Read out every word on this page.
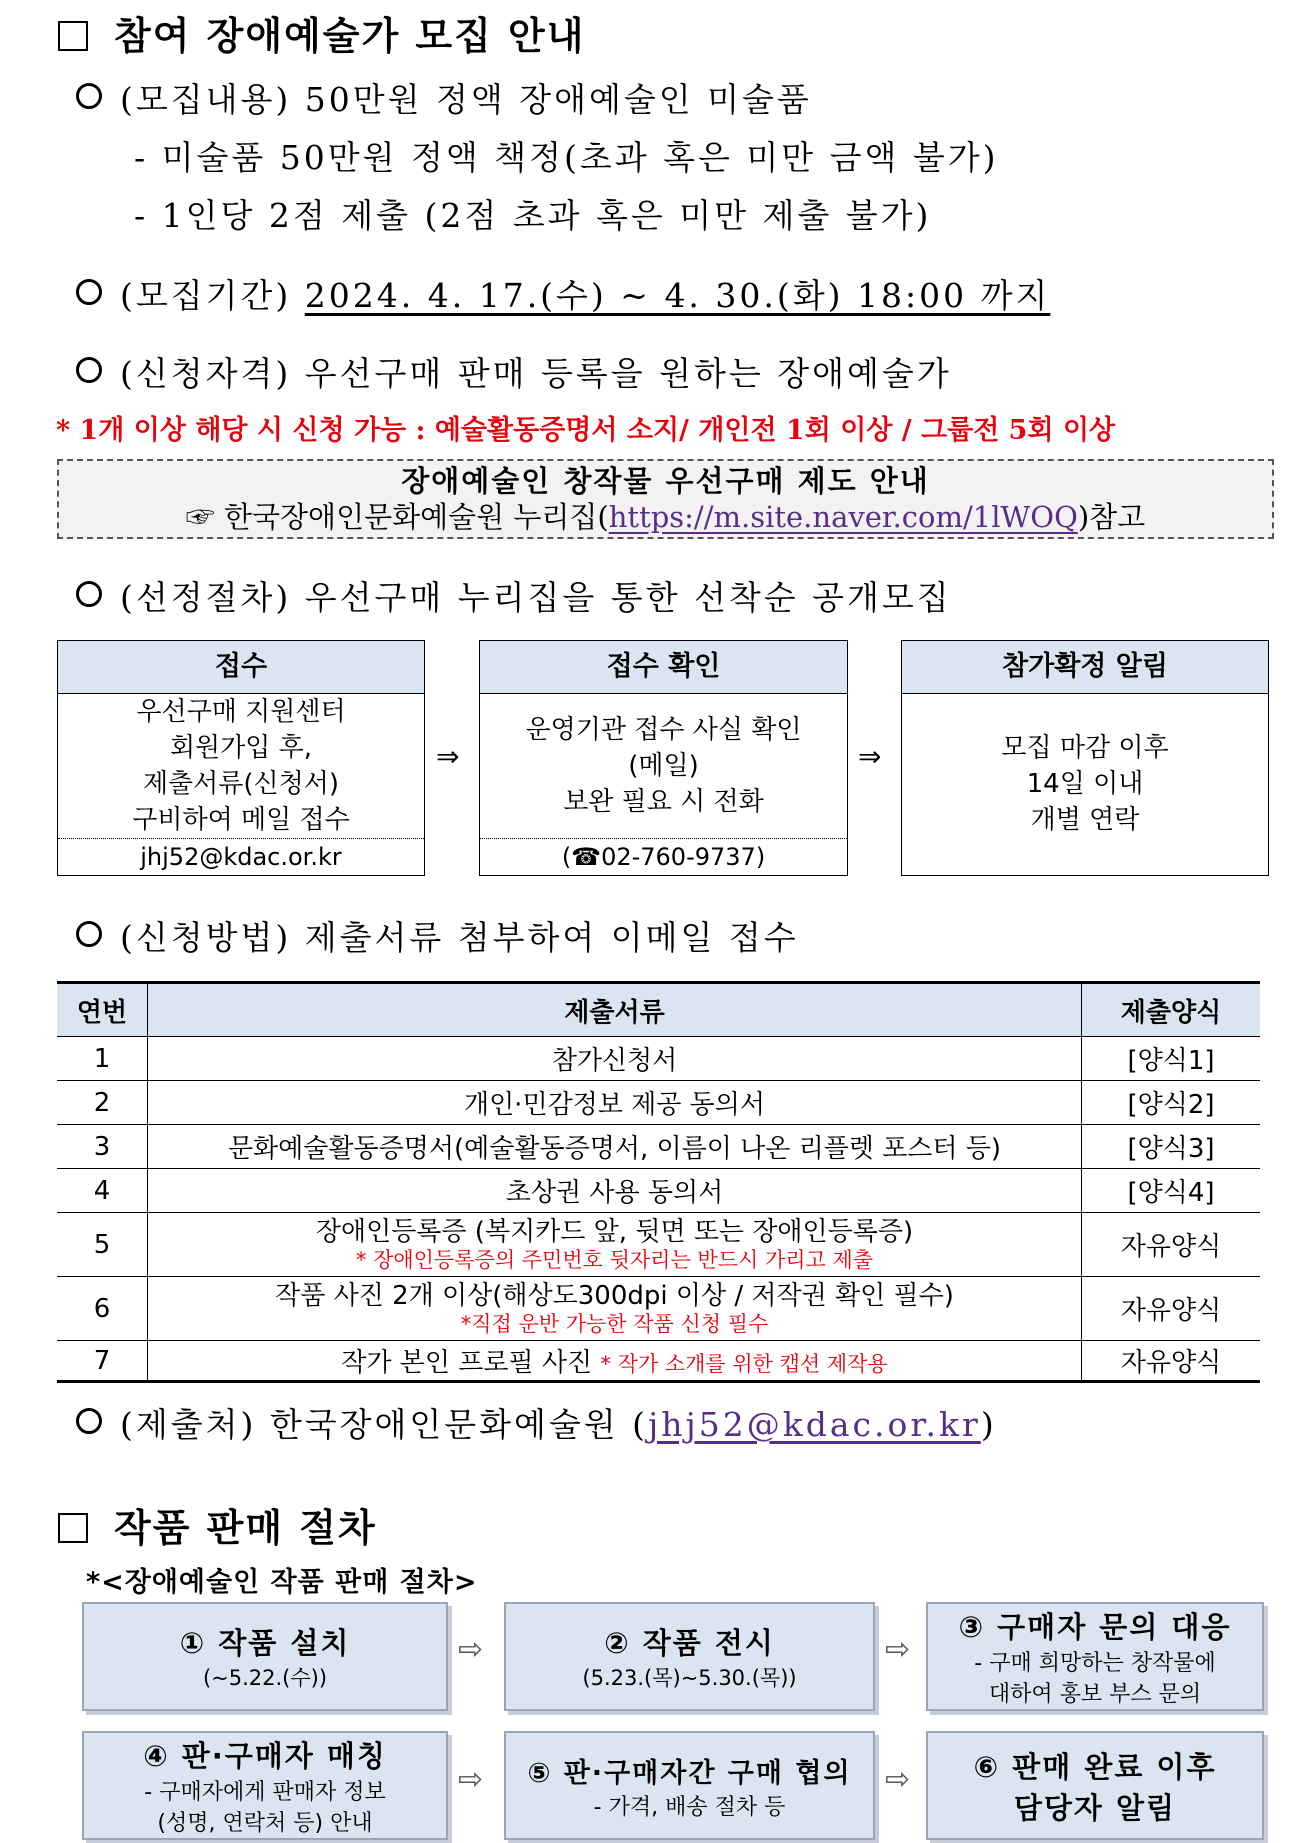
참여 장애예술가 모집 안내
(모집내용) 50만원 정액 장애예술인 미술품
- 미술품 50만원 정액 책정(초과 혹은 미만 금액 불가)
- 1인당 2점 제출 (2점 초과 혹은 미만 제출 불가)
(모집기간) 2024. 4. 17.(수) ~ 4. 30.(화) 18:00 까지
(신청자격) 우선구매 판매 등록을 원하는 장애예술가
* 1개 이상 해당 시 신청 가능 : 예술활동증명서 소지/ 개인전 1회 이상 / 그룹전 5회 이상
장애예술인 창작물 우선구매 제도 안내
☞ 한국장애인문화예술원 누리집(https://m.site.naver.com/1lWOQ)참고
(선정절차) 우선구매 누리집을 통한 선착순 공개모집
접수
우선구매 지원센터
회원가입 후,
제출서류(신청서)
구비하여 메일 접수
jhj52@kdac.or.kr
⇒
접수 확인
운영기관 접수 사실 확인
(메일)
보완 필요 시 전화
(☎02-760-9737)
⇒
참가확정 알림
모집 마감 이후
14일 이내
개별 연락
(신청방법) 제출서류 첨부하여 이메일 접수
연번	제출서류	제출양식
1	참가신청서	[양식1]
2	개인·민감정보 제공 동의서	[양식2]
3	문화예술활동증명서(예술활동증명서, 이름이 나온 리플렛 포스터 등)	[양식3]
4	초상권 사용 동의서	[양식4]
5	장애인등록증 (복지카드 앞, 뒷면 또는 장애인등록증)
* 장애인등록증의 주민번호 뒷자리는 반드시 가리고 제출	자유양식
6	작품 사진 2개 이상(해상도300dpi 이상 / 저작권 확인 필수)
*직접 운반 가능한 작품 신청 필수	자유양식
7	작가 본인 프로필 사진 * 작가 소개를 위한 캡션 제작용	자유양식
(제출처) 한국장애인문화예술원 (jhj52@kdac.or.kr)
작품 판매 절차
*<장애예술인 작품 판매 절차>
① 작품 설치
(~5.22.(수))
⇨	② 작품 전시
(5.23.(목)~5.30.(목))
⇨
③ 구매자 문의 대응
- 구매 희망하는 창작물에
대하여 홍보 부스 문의
④ 판·구매자 매칭
- 구매자에게 판매자 정보
(성명, 연락처 등) 안내
⇨	⑤ 판·구매자간 구매 협의
- 가격, 배송 절차 등
⇨	⑥ 판매 완료 이후
담당자 알림
